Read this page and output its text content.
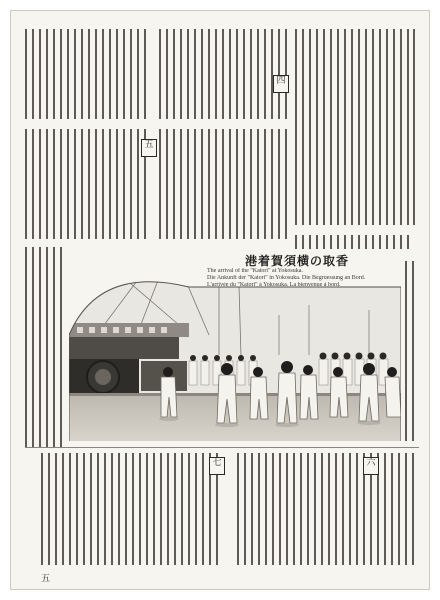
四
五
港着賀須横の取香
The arrival of the "Katori" at Yokosuka.
Die Ankunft der "Katori" in Yokosuka. Die Begruessung an Bord.
L'arrivée du "Katori" à Yokosuka. La bienvenue à bord.
七	六
五
